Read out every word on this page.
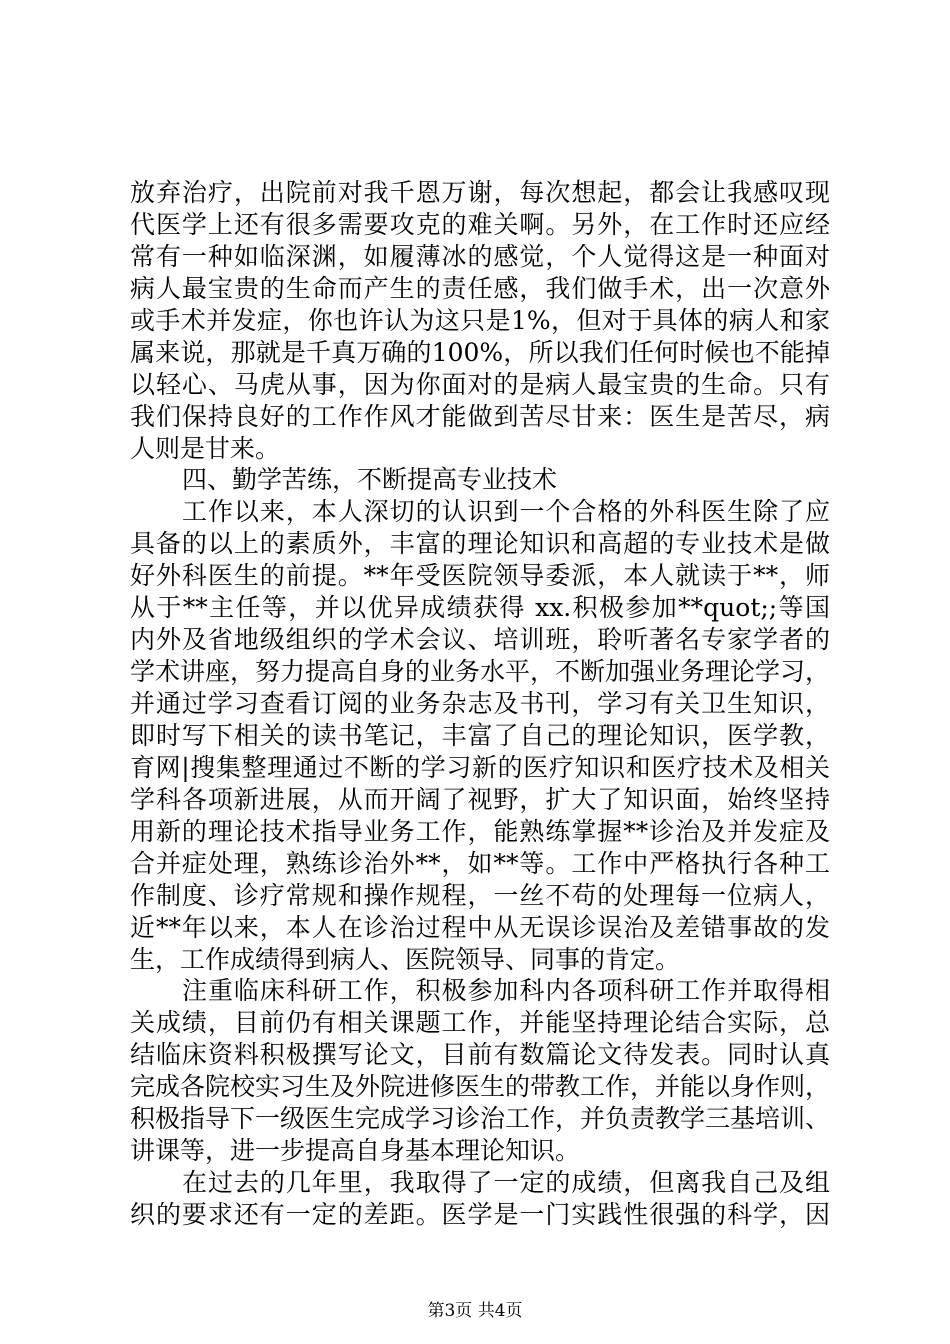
放弃治疗，出院前对我千恩万谢，每次想起，都会让我感叹现
代医学上还有很多需要攻克的难关啊。另外，在工作时还应经
常有一种如临深渊，如履薄冰的感觉，个人觉得这是一种面对
病人最宝贵的生命而产生的责任感，我们做手术，出一次意外
或手术并发症，你也许认为这只是1%，但对于具体的病人和家
属来说，那就是千真万确的100%，所以我们任何时候也不能掉
以轻心、马虎从事，因为你面对的是病人最宝贵的生命。只有
我们保持良好的工作作风才能做到苦尽甘来：医生是苦尽，病
人则是甘来。
四、勤学苦练，不断提高专业技术
工作以来，本人深切的认识到一个合格的外科医生除了应
具备的以上的素质外，丰富的理论知识和高超的专业技术是做
好外科医生的前提。**年受医院领导委派，本人就读于**，师
从于**主任等，并以优异成绩获得 xx.积极参加**quot;;等国
内外及省地级组织的学术会议、培训班，聆听著名专家学者的
学术讲座，努力提高自身的业务水平，不断加强业务理论学习，
并通过学习查看订阅的业务杂志及书刊，学习有关卫生知识，
即时写下相关的读书笔记，丰富了自己的理论知识，医学教，
育网|搜集整理通过不断的学习新的医疗知识和医疗技术及相关
学科各项新进展，从而开阔了视野，扩大了知识面，始终坚持
用新的理论技术指导业务工作，能熟练掌握**诊治及并发症及
合并症处理，熟练诊治外**，如**等。工作中严格执行各种工
作制度、诊疗常规和操作规程，一丝不苟的处理每一位病人，
近**年以来，本人在诊治过程中从无误诊误治及差错事故的发
生，工作成绩得到病人、医院领导、同事的肯定。
注重临床科研工作，积极参加科内各项科研工作并取得相
关成绩，目前仍有相关课题工作，并能坚持理论结合实际，总
结临床资料积极撰写论文，目前有数篇论文待发表。同时认真
完成各院校实习生及外院进修医生的带教工作，并能以身作则，
第3页 共4页
积极指导下一级医生完成学习诊治工作，并负责教学三基培训、
讲课等，进一步提高自身基本理论知识。
在过去的几年里，我取得了一定的成绩，但离我自己及组
织的要求还有一定的差距。医学是一门实践性很强的科学，因
